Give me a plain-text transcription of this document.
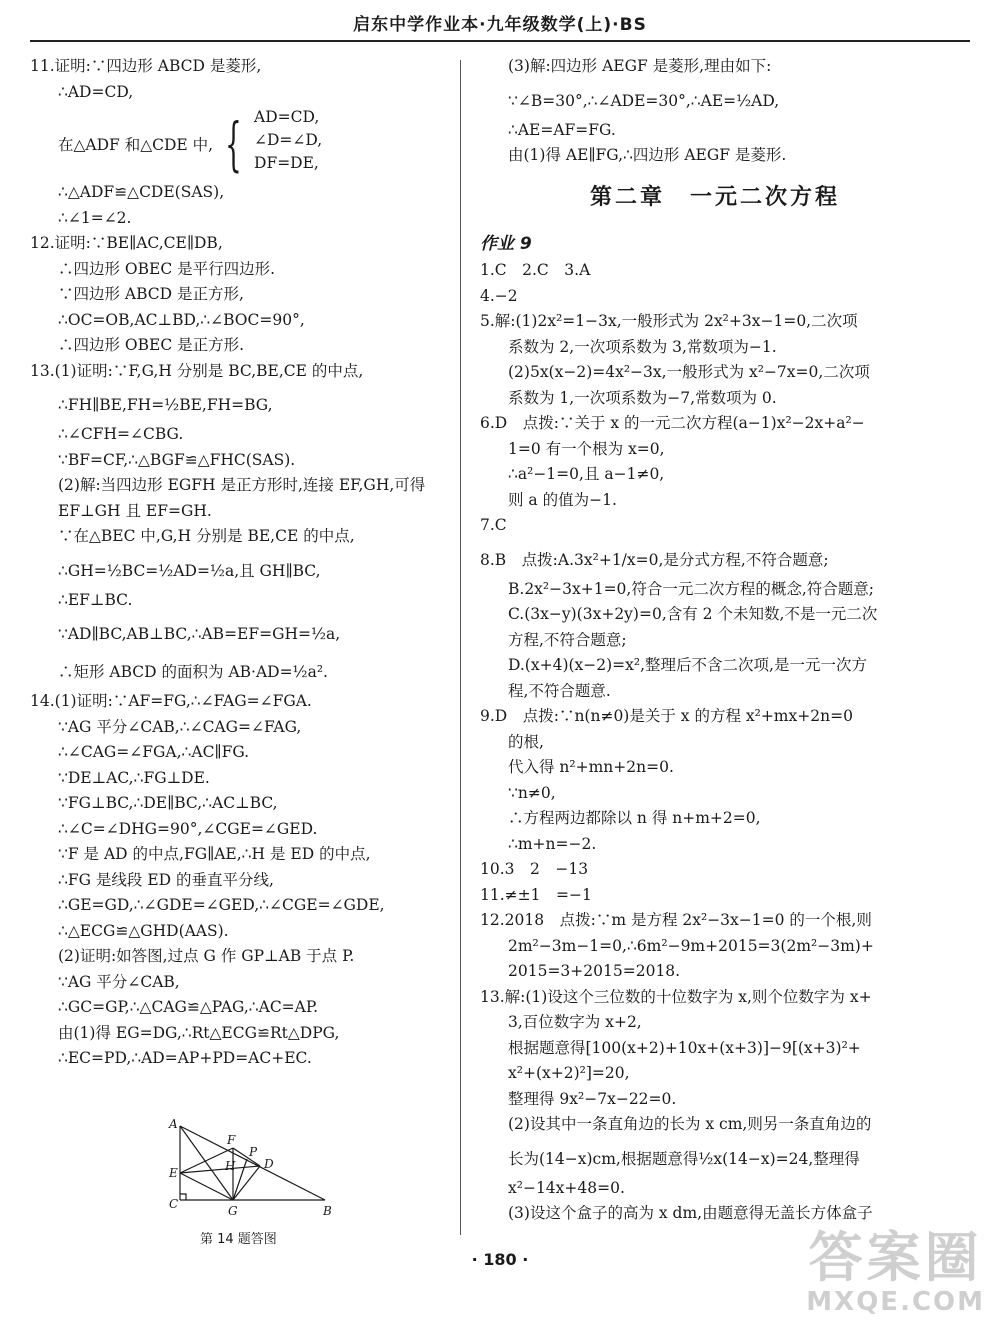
启东中学作业本·九年级数学(上)·BS
11.证明:∵四边形 ABCD 是菱形,
∴AD=CD,
在△ADF 和△CDE 中, { AD=CD,
∠D=∠D,
DF=DE,
∴△ADF≌△CDE(SAS),
∴∠1=∠2.
12.证明:∵BE∥AC,CE∥DB,
∴四边形 OBEC 是平行四边形.
∵四边形 ABCD 是正方形,
∴OC=OB,AC⊥BD,∴∠BOC=90°,
∴四边形 OBEC 是正方形.
13.(1)证明:∵F,G,H 分别是 BC,BE,CE 的中点,
∴FH∥BE,FH=½BE,FH=BG,
∴∠CFH=∠CBG.
∵BF=CF,∴△BGF≌△FHC(SAS).
(2)解:当四边形 EGFH 是正方形时,连接 EF,GH,可得
EF⊥GH 且 EF=GH.
∵在△BEC 中,G,H 分别是 BE,CE 的中点,
∴GH=½BC=½AD=½a,且 GH∥BC,
∴EF⊥BC.
∵AD∥BC,AB⊥BC,∴AB=EF=GH=½a,
∴矩形 ABCD 的面积为 AB·AD=½a².
14.(1)证明:∵AF=FG,∴∠FAG=∠FGA.
∵AG 平分∠CAB,∴∠CAG=∠FAG,
∴∠CAG=∠FGA,∴AC∥FG.
∵DE⊥AC,∴FG⊥DE.
∵FG⊥BC,∴DE∥BC,∴AC⊥BC,
∴∠C=∠DHG=90°,∠CGE=∠GED.
∵F 是 AD 的中点,FG∥AE,∴H 是 ED 的中点,
∴FG 是线段 ED 的垂直平分线,
∴GE=GD,∴∠GDE=∠GED,∴∠CGE=∠GDE,
∴△ECG≌△GHD(AAS).
(2)证明:如答图,过点 G 作 GP⊥AB 于点 P.
∵AG 平分∠CAB,
∴GC=GP,∴△CAG≌△PAG,∴AC=AP.
由(1)得 EG=DG,∴Rt△ECG≌Rt△DPG,
∴EC=PD,∴AD=AP+PD=AC+EC.
A
F
P
H D
E
C	G	B
第 14 题答图
(3)解:四边形 AEGF 是菱形,理由如下:
∵∠B=30°,∴∠ADE=30°,∴AE=½AD,
∴AE=AF=FG.
由(1)得 AE∥FG,∴四边形 AEGF 是菱形.
第二章　一元二次方程
作业 9
1.C　2.C　3.A
4.−2
5.解:(1)2x²=1−3x,一般形式为 2x²+3x−1=0,二次项
系数为 2,一次项系数为 3,常数项为−1.
(2)5x(x−2)=4x²−3x,一般形式为 x²−7x=0,二次项
系数为 1,一次项系数为−7,常数项为 0.
6.D　点拨:∵关于 x 的一元二次方程(a−1)x²−2x+a²−
1=0 有一个根为 x=0,
∴a²−1=0,且 a−1≠0,
则 a 的值为−1.
7.C
8.B　点拨:A.3x²+1/x=0,是分式方程,不符合题意;
B.2x²−3x+1=0,符合一元二次方程的概念,符合题意;
C.(3x−y)(3x+2y)=0,含有 2 个未知数,不是一元二次
方程,不符合题意;
D.(x+4)(x−2)=x²,整理后不含二次项,是一元一次方
程,不符合题意.
9.D　点拨:∵n(n≠0)是关于 x 的方程 x²+mx+2n=0
的根,
代入得 n²+mn+2n=0.
∵n≠0,
∴方程两边都除以 n 得 n+m+2=0,
∴m+n=−2.
10.3　2　−13
11.≠±1　=−1
12.2018　点拨:∵m 是方程 2x²−3x−1=0 的一个根,则
2m²−3m−1=0,∴6m²−9m+2015=3(2m²−3m)+
2015=3+2015=2018.
13.解:(1)设这个三位数的十位数字为 x,则个位数字为 x+
3,百位数字为 x+2,
根据题意得[100(x+2)+10x+(x+3)]−9[(x+3)²+
x²+(x+2)²]=20,
整理得 9x²−7x−22=0.
(2)设其中一条直角边的长为 x cm,则另一条直角边的
长为(14−x)cm,根据题意得½x(14−x)=24,整理得
x²−14x+48=0.
(3)设这个盒子的高为 x dm,由题意得无盖长方体盒子
· 180 ·	答案圈
MXQE.COM
